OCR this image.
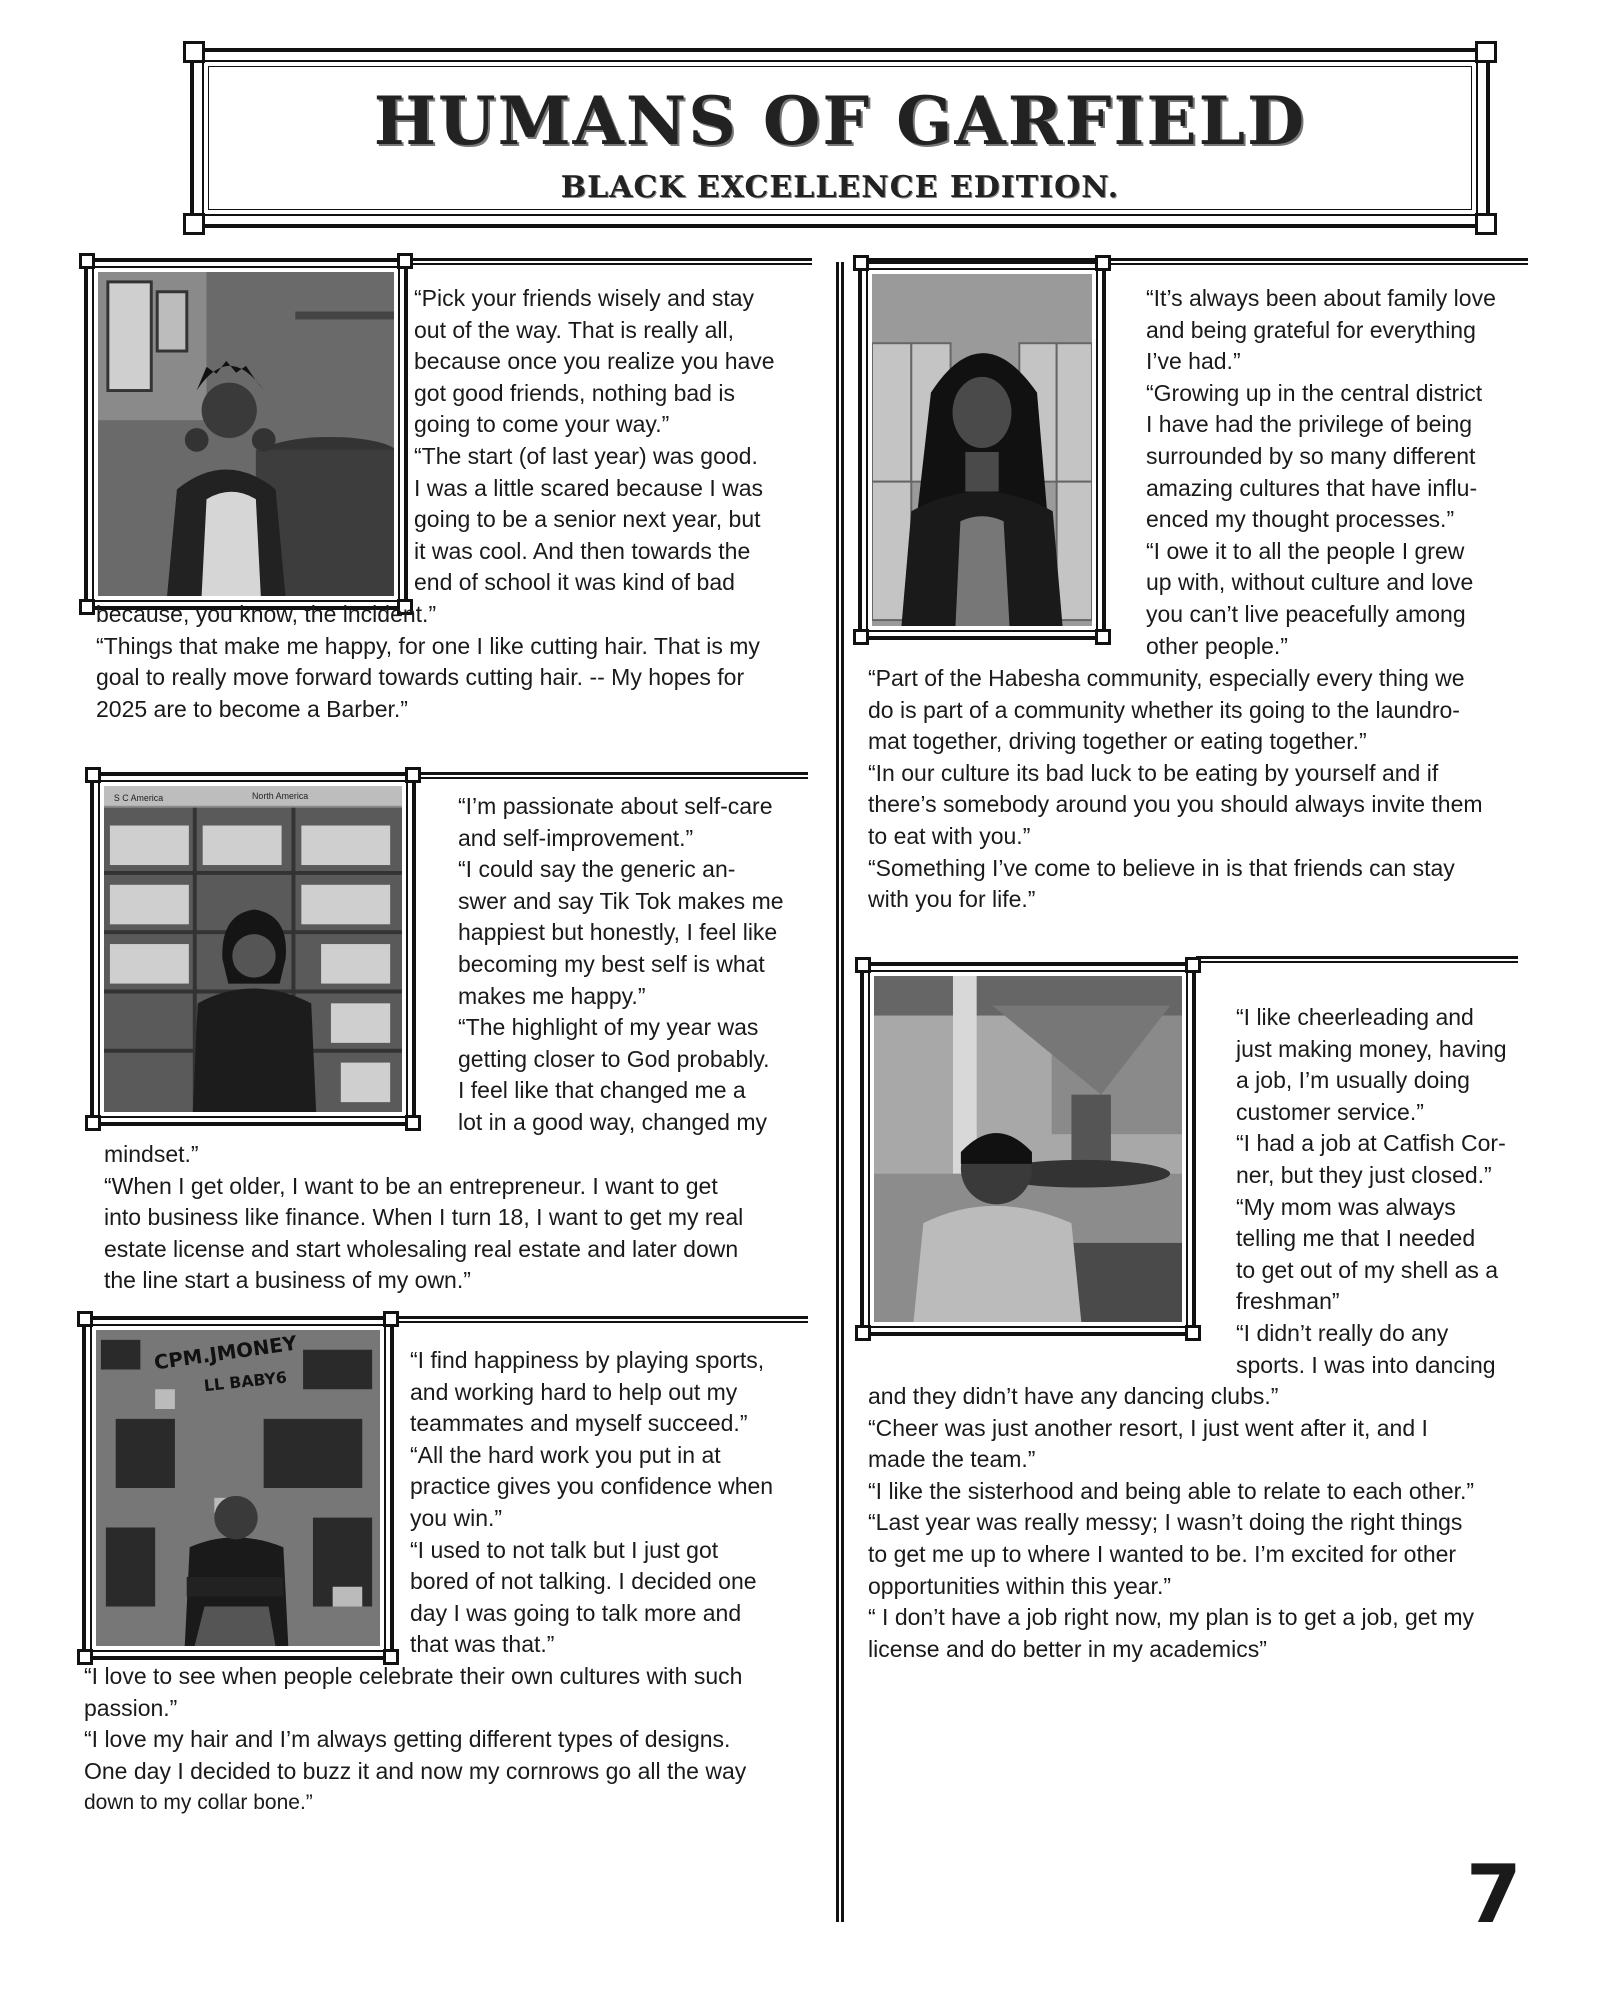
HUMANS OF GARFIELD
BLACK EXCELLENCE EDITION.

“Pick your friends wisely and stay

out of the way. That is really all,

because once you realize you have

got good friends, nothing bad is

going to come your way.”

“The start (of last year) was good.

I was a little scared because I was

going to be a senior next year, but

it was cool. And then towards the

end of school it was kind of bad

because, you know, the incident.”

“Things that make me happy, for one I like cutting hair. That is my

goal to really move forward towards cutting hair. -- My hopes for

2025 are to become a Barber.”

S C America	North America	“I’m passionate about self-care

and self-improvement.”

“I could say the generic an-

swer and say Tik Tok makes me

happiest but honestly, I feel like

becoming my best self is what

makes me happy.”

“The highlight of my year was

getting closer to God probably.

I feel like that changed me a

lot in a good way, changed my

mindset.”

“When I get older, I want to be an entrepreneur. I want to get

into business like finance. When I turn 18, I want to get my real

estate license and start wholesaling real estate and later down

the line start a business of my own.”

CPM.JMONEY
LL BABY6

“I find happiness by playing sports,

and working hard to help out my

teammates and myself succeed.”

“All the hard work you put in at

practice gives you confidence when

you win.”

“I used to not talk but I just got

bored of not talking. I decided one

day I was going to talk more and

that was that.”

“I love to see when people celebrate their own cultures with such

passion.”

“I love my hair and I’m always getting different types of designs.

One day I decided to buzz it and now my cornrows go all the way

down to my collar bone.”

“It’s always been about family love

and being grateful for everything

I’ve had.”

“Growing up in the central district

I have had the privilege of being

surrounded by so many different

amazing cultures that have influ-

enced my thought processes.”

“I owe it to all the people I grew

up with, without culture and love

you can’t live peacefully among

other people.”

“Part of the Habesha community, especially every thing we

do is part of a community whether its going to the laundro-

mat together, driving together or eating together.”

“In our culture its bad luck to be eating by yourself and if

there’s somebody around you you should always invite them

to eat with you.”

“Something I’ve come to believe in is that friends can stay

with you for life.”

“I like cheerleading and

just making money, having

a job, I’m usually doing

customer service.”

“I had a job at Catfish Cor-

ner, but they just closed.”

“My mom was always

telling me that I needed

to get out of my shell as a

freshman”

“I didn’t really do any

sports. I was into dancing

and they didn’t have any dancing clubs.”

“Cheer was just another resort, I just went after it, and I

made the team.”

“I like the sisterhood and being able to relate to each other.”

“Last year was really messy; I wasn’t doing the right things

to get me up to where I wanted to be. I’m excited for other

opportunities within this year.”

“ I don’t have a job right now, my plan is to get a job, get my

license and do better in my academics”

7
